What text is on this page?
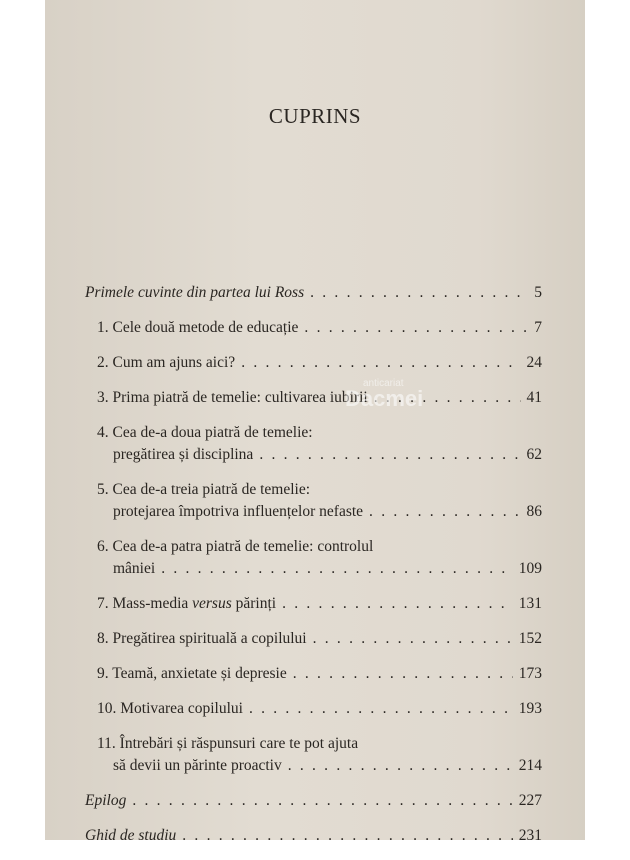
CUPRINS
Primele cuvinte din partea lui Ross . . .	5
1. Cele două metode de educație . . .	7
2. Cum am ajuns aici? . . .	24
3. Prima piatră de temelie: cultivarea iubirii . . .	41
4. Cea de-a doua piatră de temelie:
pregătirea și disciplina . . .	62
5. Cea de-a treia piatră de temelie:
protejarea împotriva influențelor nefaste . . .	86
6. Cea de-a patra piatră de temelie: controlul
mâniei . . .	109
7. Mass-media versus părinți . . .	131
8. Pregătirea spirituală a copilului . . .	152
9. Teamă, anxietate și depresie . . .	173
10. Motivarea copilului . . .	193
11. Întrebări și răspunsuri care te pot ajuta
să devii un părinte proactiv . . .	214
Epilog . . .	227
Ghid de studiu . . .	231
anticariat
Dacmei
